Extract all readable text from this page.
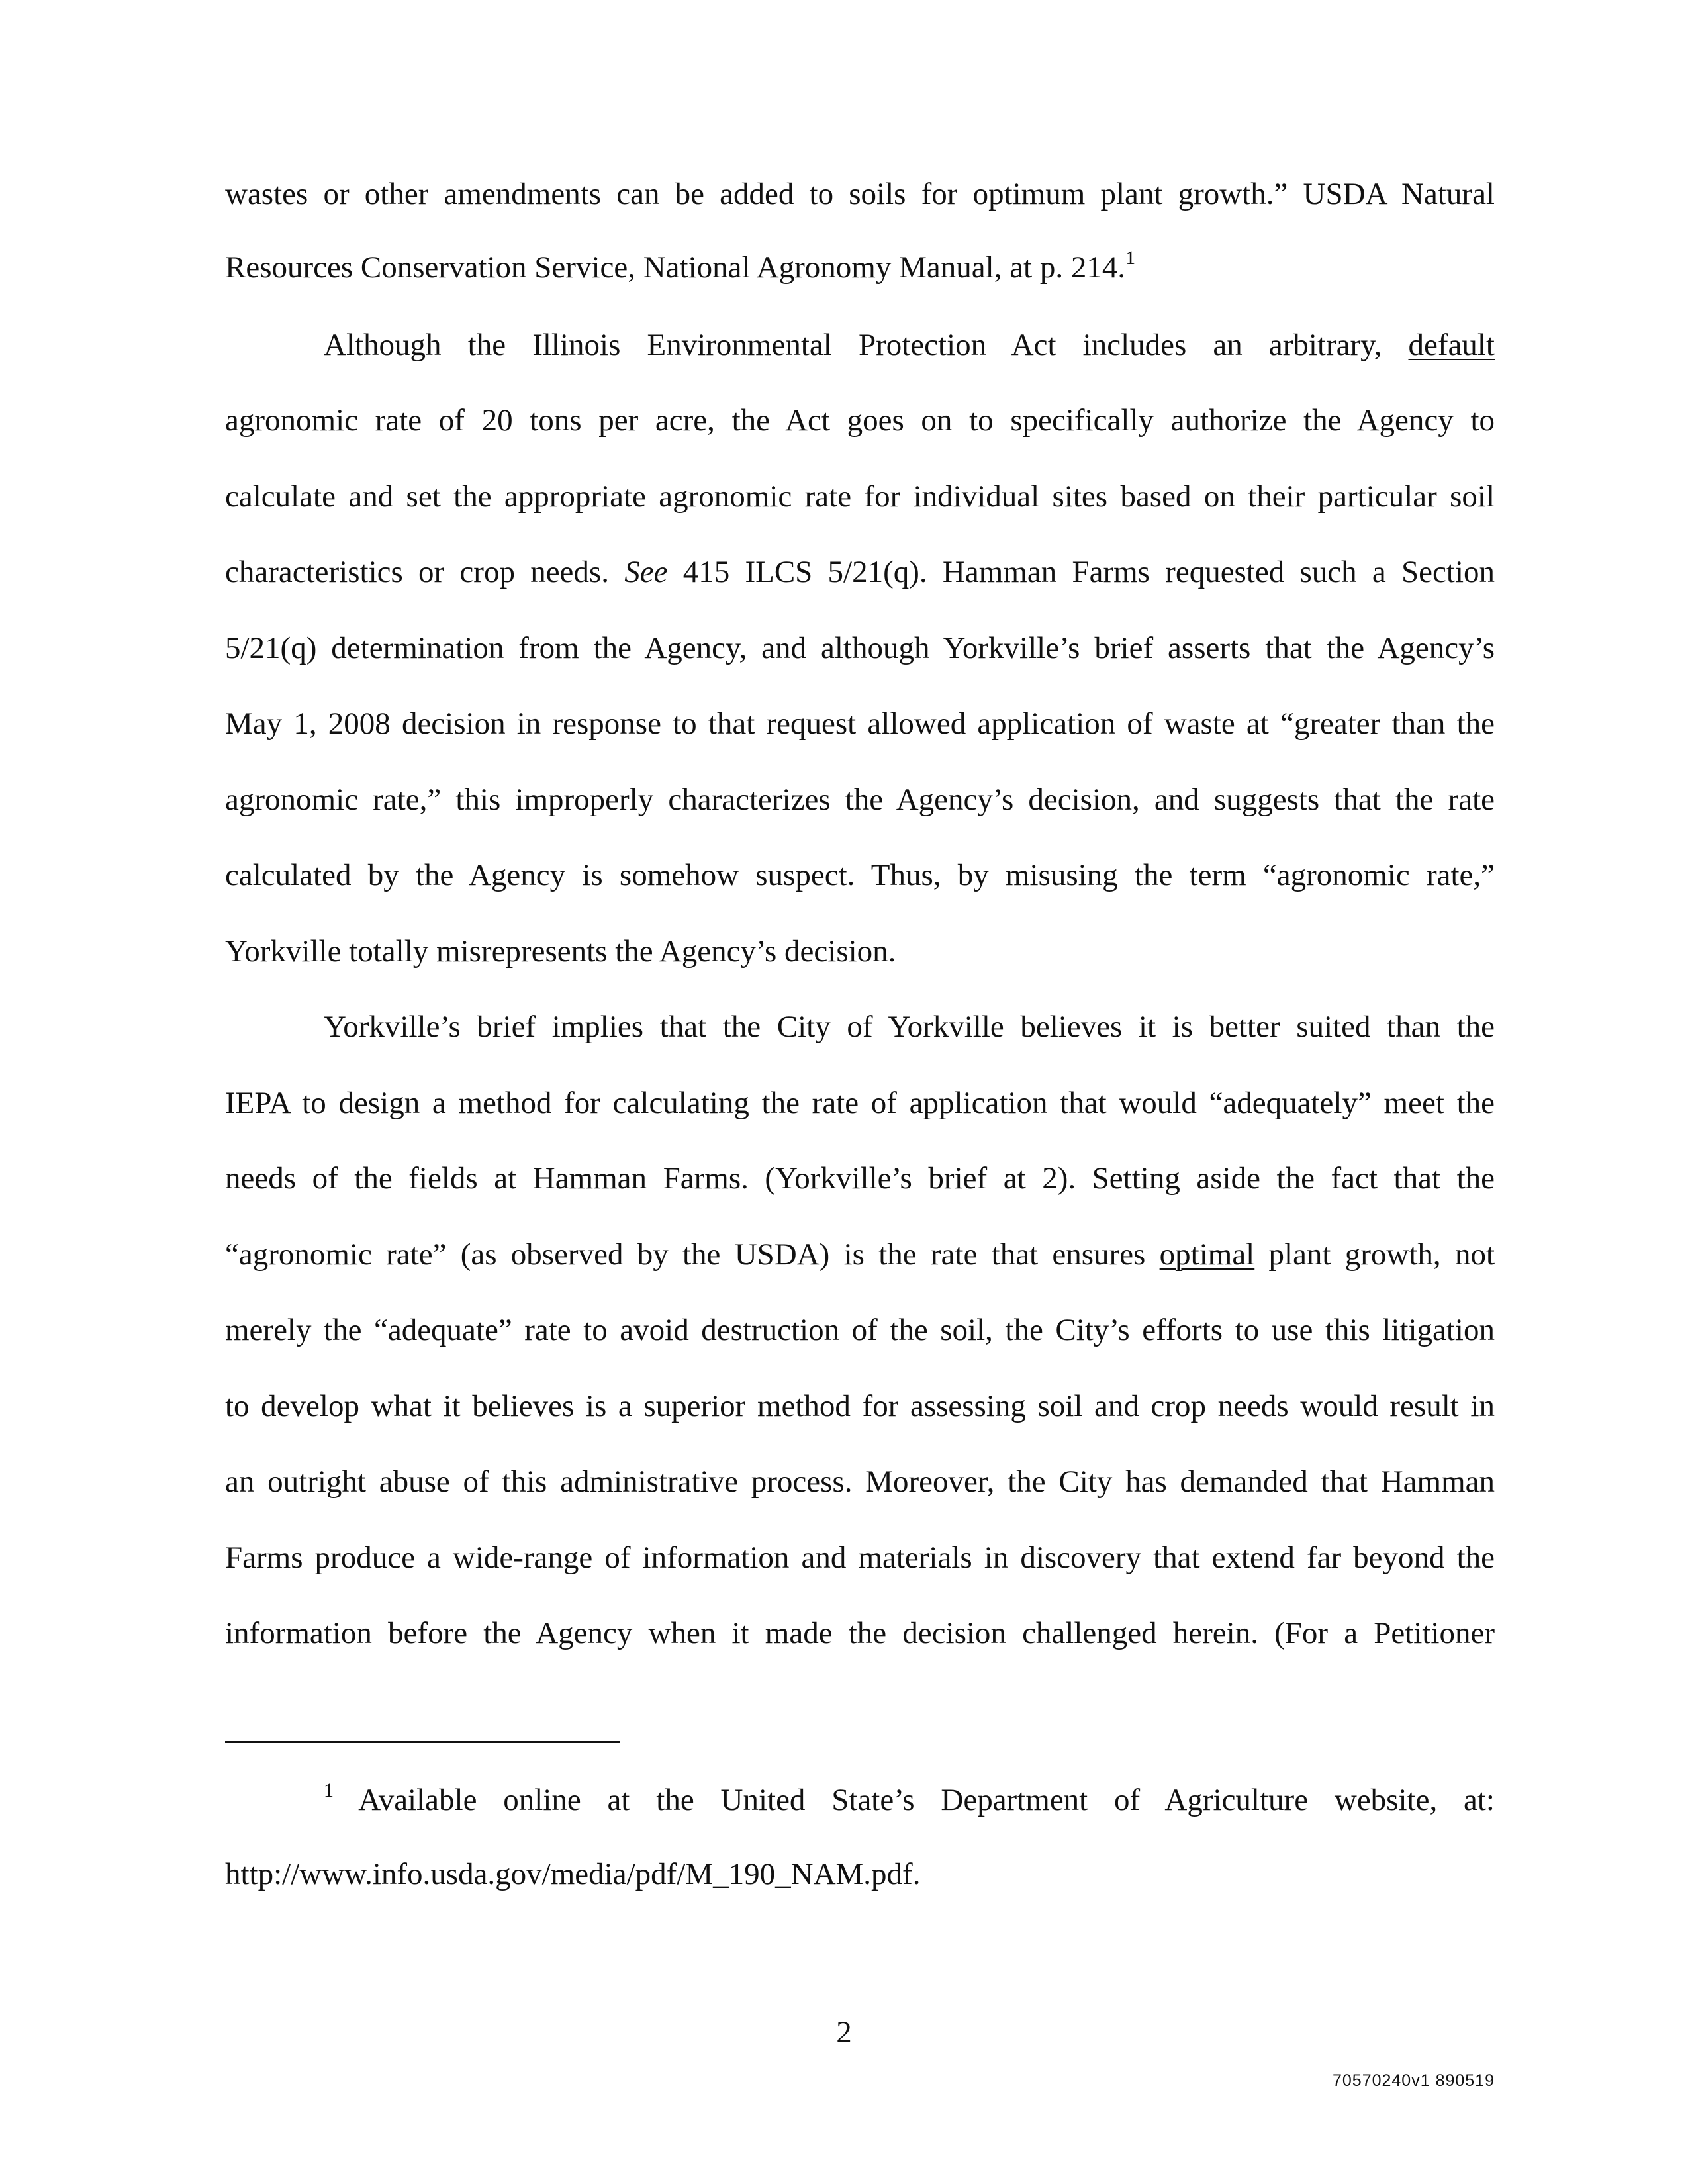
wastes or other amendments can be added to soils for optimum plant growth.” USDA Natural
Resources Conservation Service, National Agronomy Manual, at p. 214.$^1$
Although the Illinois Environmental Protection Act includes an arbitrary, default
agronomic rate of 20 tons per acre, the Act goes on to specifically authorize the Agency to
calculate and set the appropriate agronomic rate for individual sites based on their particular soil
characteristics or crop needs. See 415 ILCS 5/21(q). Hamman Farms requested such a Section
5/21(q) determination from the Agency, and although Yorkville’s brief asserts that the Agency’s
May 1, 2008 decision in response to that request allowed application of waste at “greater than the
agronomic rate,” this improperly characterizes the Agency’s decision, and suggests that the rate
calculated by the Agency is somehow suspect. Thus, by misusing the term “agronomic rate,”
Yorkville totally misrepresents the Agency’s decision.
Yorkville’s brief implies that the City of Yorkville believes it is better suited than the
IEPA to design a method for calculating the rate of application that would “adequately” meet the
needs of the fields at Hamman Farms. (Yorkville’s brief at 2). Setting aside the fact that the
“agronomic rate” (as observed by the USDA) is the rate that ensures optimal plant growth, not
merely the “adequate” rate to avoid destruction of the soil, the City’s efforts to use this litigation
to develop what it believes is a superior method for assessing soil and crop needs would result in
an outright abuse of this administrative process. Moreover, the City has demanded that Hamman
Farms produce a wide-range of information and materials in discovery that extend far beyond the
information before the Agency when it made the decision challenged herein. (For a Petitioner
$^1$ Available online at the United State’s Department of Agriculture website, at:
http://www.info.usda.gov/media/pdf/M_190_NAM.pdf.
2
70570240v1 890519
